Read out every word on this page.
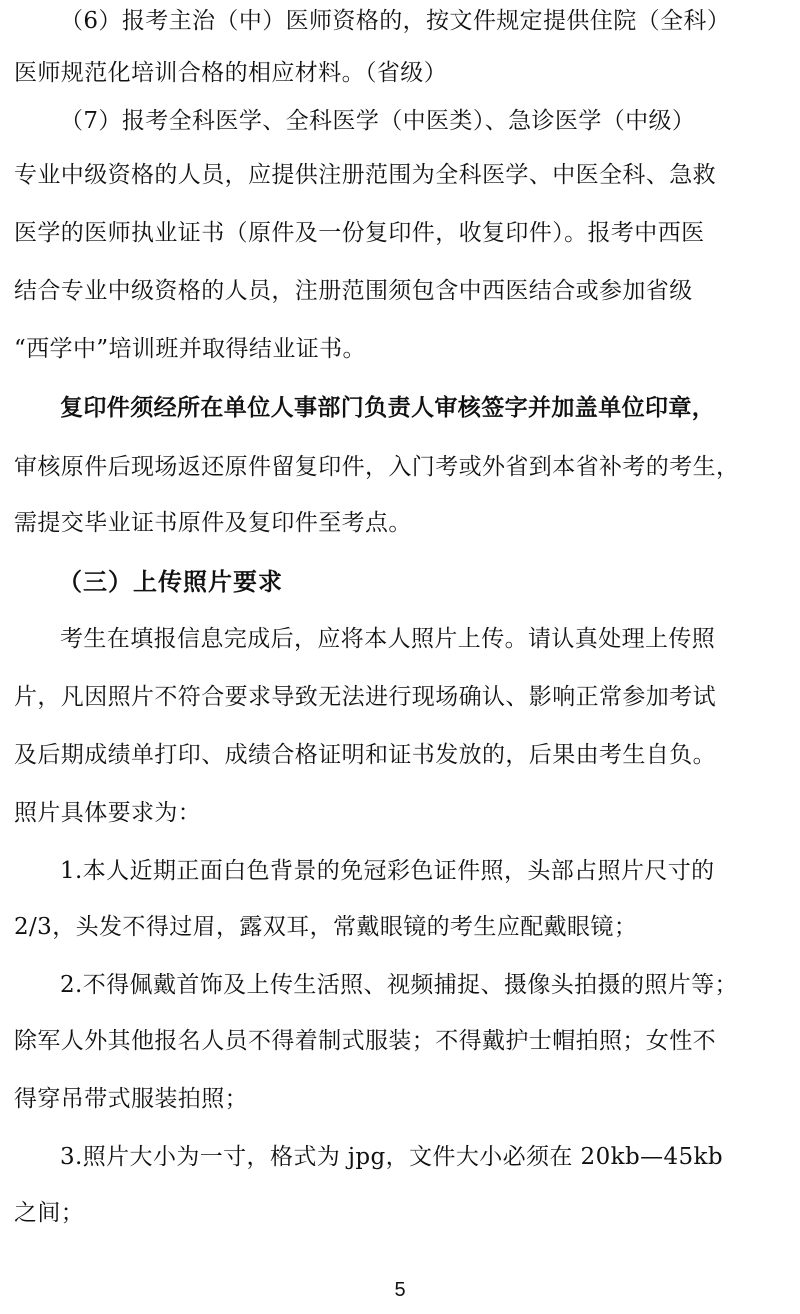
（6）报考主治（中）医师资格的，按文件规定提供住院（全科）
医师规范化培训合格的相应材料。（省级）
（7）报考全科医学、全科医学（中医类）、急诊医学（中级）
专业中级资格的人员，应提供注册范围为全科医学、中医全科、急救
医学的医师执业证书（原件及一份复印件，收复印件）。报考中西医
结合专业中级资格的人员，注册范围须包含中西医结合或参加省级
“西学中”培训班并取得结业证书。
复印件须经所在单位人事部门负责人审核签字并加盖单位印章，
审核原件后现场返还原件留复印件，入门考或外省到本省补考的考生，
需提交毕业证书原件及复印件至考点。
（三）上传照片要求
考生在填报信息完成后，应将本人照片上传。请认真处理上传照
片，凡因照片不符合要求导致无法进行现场确认、影响正常参加考试
及后期成绩单打印、成绩合格证明和证书发放的，后果由考生自负。
照片具体要求为：
1.本人近期正面白色背景的免冠彩色证件照，头部占照片尺寸的
2/3，头发不得过眉，露双耳，常戴眼镜的考生应配戴眼镜；
2.不得佩戴首饰及上传生活照、视频捕捉、摄像头拍摄的照片等；
除军人外其他报名人员不得着制式服装；不得戴护士帽拍照；女性不
得穿吊带式服装拍照；
3.照片大小为一寸，格式为 jpg，文件大小必须在 20kb—45kb
之间；
5
